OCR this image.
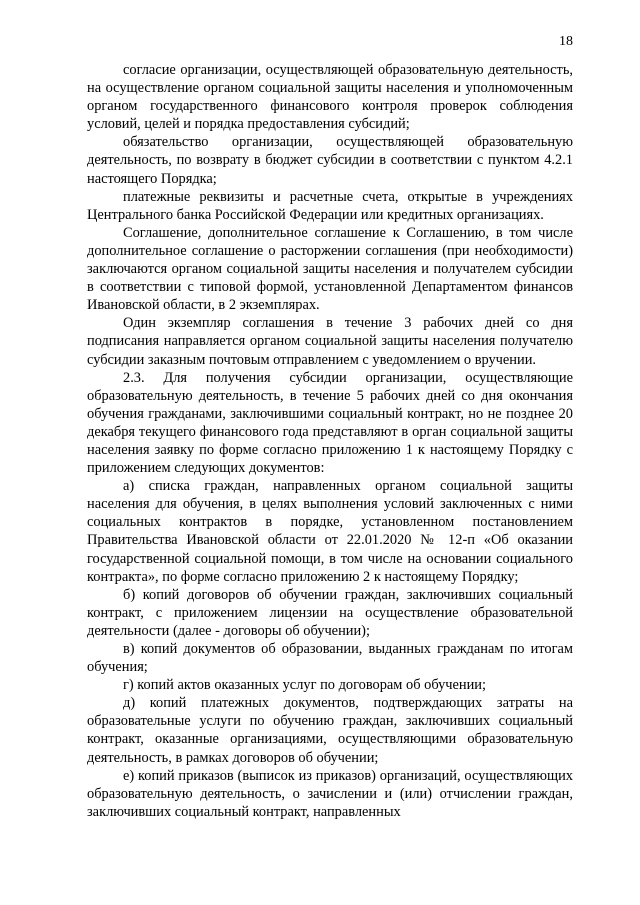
18

согласие организации, осуществляющей образовательную деятельность, на осуществление органом социальной защиты населения и уполномоченным органом государственного финансового контроля проверок соблюдения условий, целей и порядка предоставления субсидий;

обязательство организации, осуществляющей образовательную деятельность, по возврату в бюджет субсидии в соответствии с пунктом 4.2.1 настоящего Порядка;

платежные реквизиты и расчетные счета, открытые в учреждениях Центрального банка Российской Федерации или кредитных организациях.

Соглашение, дополнительное соглашение к Соглашению, в том числе дополнительное соглашение о расторжении соглашения (при необходимости) заключаются органом социальной защиты населения и получателем субсидии в соответствии с типовой формой, установленной Департаментом финансов Ивановской области, в 2 экземплярах.

Один экземпляр соглашения в течение 3 рабочих дней со дня подписания направляется органом социальной защиты населения получателю субсидии заказным почтовым отправлением с уведомлением о вручении.

2.3. Для получения субсидии организации, осуществляющие образовательную деятельность, в течение 5 рабочих дней со дня окончания обучения гражданами, заключившими социальный контракт, но не позднее 20 декабря текущего финансового года представляют в орган социальной защиты населения заявку по форме согласно приложению 1 к настоящему Порядку с приложением следующих документов:

а) списка граждан, направленных органом социальной защиты населения для обучения, в целях выполнения условий заключенных с ними социальных контрактов в порядке, установленном постановлением Правительства Ивановской области от 22.01.2020 № 12-п «Об оказании государственной социальной помощи, в том числе на основании социального контракта», по форме согласно приложению 2 к настоящему Порядку;

б) копий договоров об обучении граждан, заключивших социальный контракт, с приложением лицензии на осуществление образовательной деятельности (далее - договоры об обучении);

в) копий документов об образовании, выданных гражданам по итогам обучения;

г) копий актов оказанных услуг по договорам об обучении;

д) копий платежных документов, подтверждающих затраты на образовательные услуги по обучению граждан, заключивших социальный контракт, оказанные организациями, осуществляющими образовательную деятельность, в рамках договоров об обучении;

е) копий приказов (выписок из приказов) организаций, осуществляющих образовательную деятельность, о зачислении и (или) отчислении граждан, заключивших социальный контракт, направленных
